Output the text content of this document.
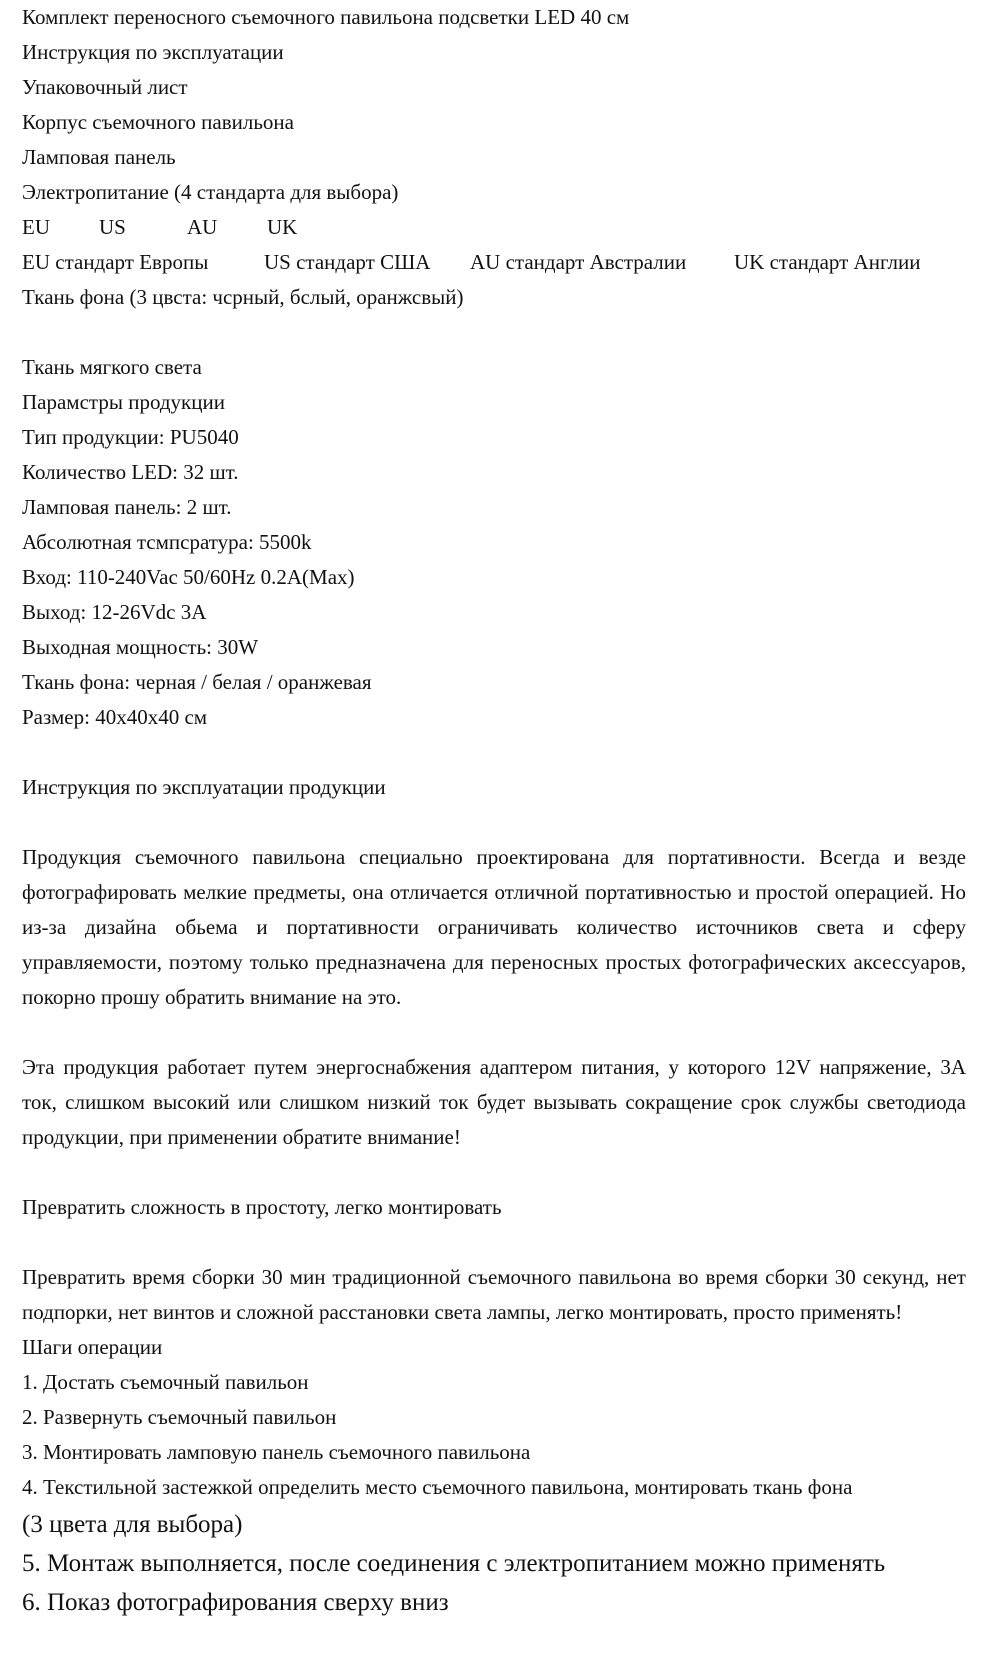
Комплект переносного съемочного павильона подсветки LED 40 см
Инструкция по эксплуатации
Упаковочный лист
Корпус съемочного павильона
Ламповая панель
Электропитание (4 стандарта для выбора)
EU	US	AU	UK
EU стандарт Европы	US стандарт США	AU стандарт Австралии	UK стандарт Англии
Ткань фона (3 цвста: чсрный, бслый, оранжсвый)
Ткань мягкого света
Парамстры продукции
Тип продукции: PU5040
Количество LED: 32 шт.
Ламповая панель: 2 шт.
Абсолютная тсмпсратура: 5500k
Вход: 110-240Vac 50/60Hz 0.2A(Max)
Выход: 12-26Vdc 3A
Выходная мощность: 30W
Ткань фона: черная / белая / оранжевая
Размер: 40x40x40 см
Инструкция по эксплуатации продукции
Продукция съемочного павильона специально проектирована для портативности. Всегда и везде фотографировать мелкие предметы, она отличается отличной портативностью и простой операцией. Но из-за дизайна обьема и портативности ограничивать количество источников света и сферу управляемости, поэтому только предназначена для переносных простых фотографических аксессуаров, покорно прошу обратить внимание на это.
Эта продукция работает путем энергоснабжения адаптером питания, у которого 12V напряжение, 3A ток, слишком высокий или слишком низкий ток будет вызывать сокращение срок службы светодиода продукции, при применении обратите внимание!
Превратить сложность в простоту, легко монтировать
Превратить время сборки 30 мин традиционной съемочного павильона во время сборки 30 секунд, нет подпорки, нет винтов и сложной расстановки света лампы, легко монтировать, просто применять!
Шаги операции
1. Достать съемочный павильон
2. Развернуть съемочный павильон
3. Монтировать ламповую панель съемочного павильона
4. Текстильной застежкой определить место съемочного павильона, монтировать ткань фона
(3 цвета для выбора)
5. Монтаж выполняется, после соединения с электропитанием можно применять
6. Показ фотографирования сверху вниз
